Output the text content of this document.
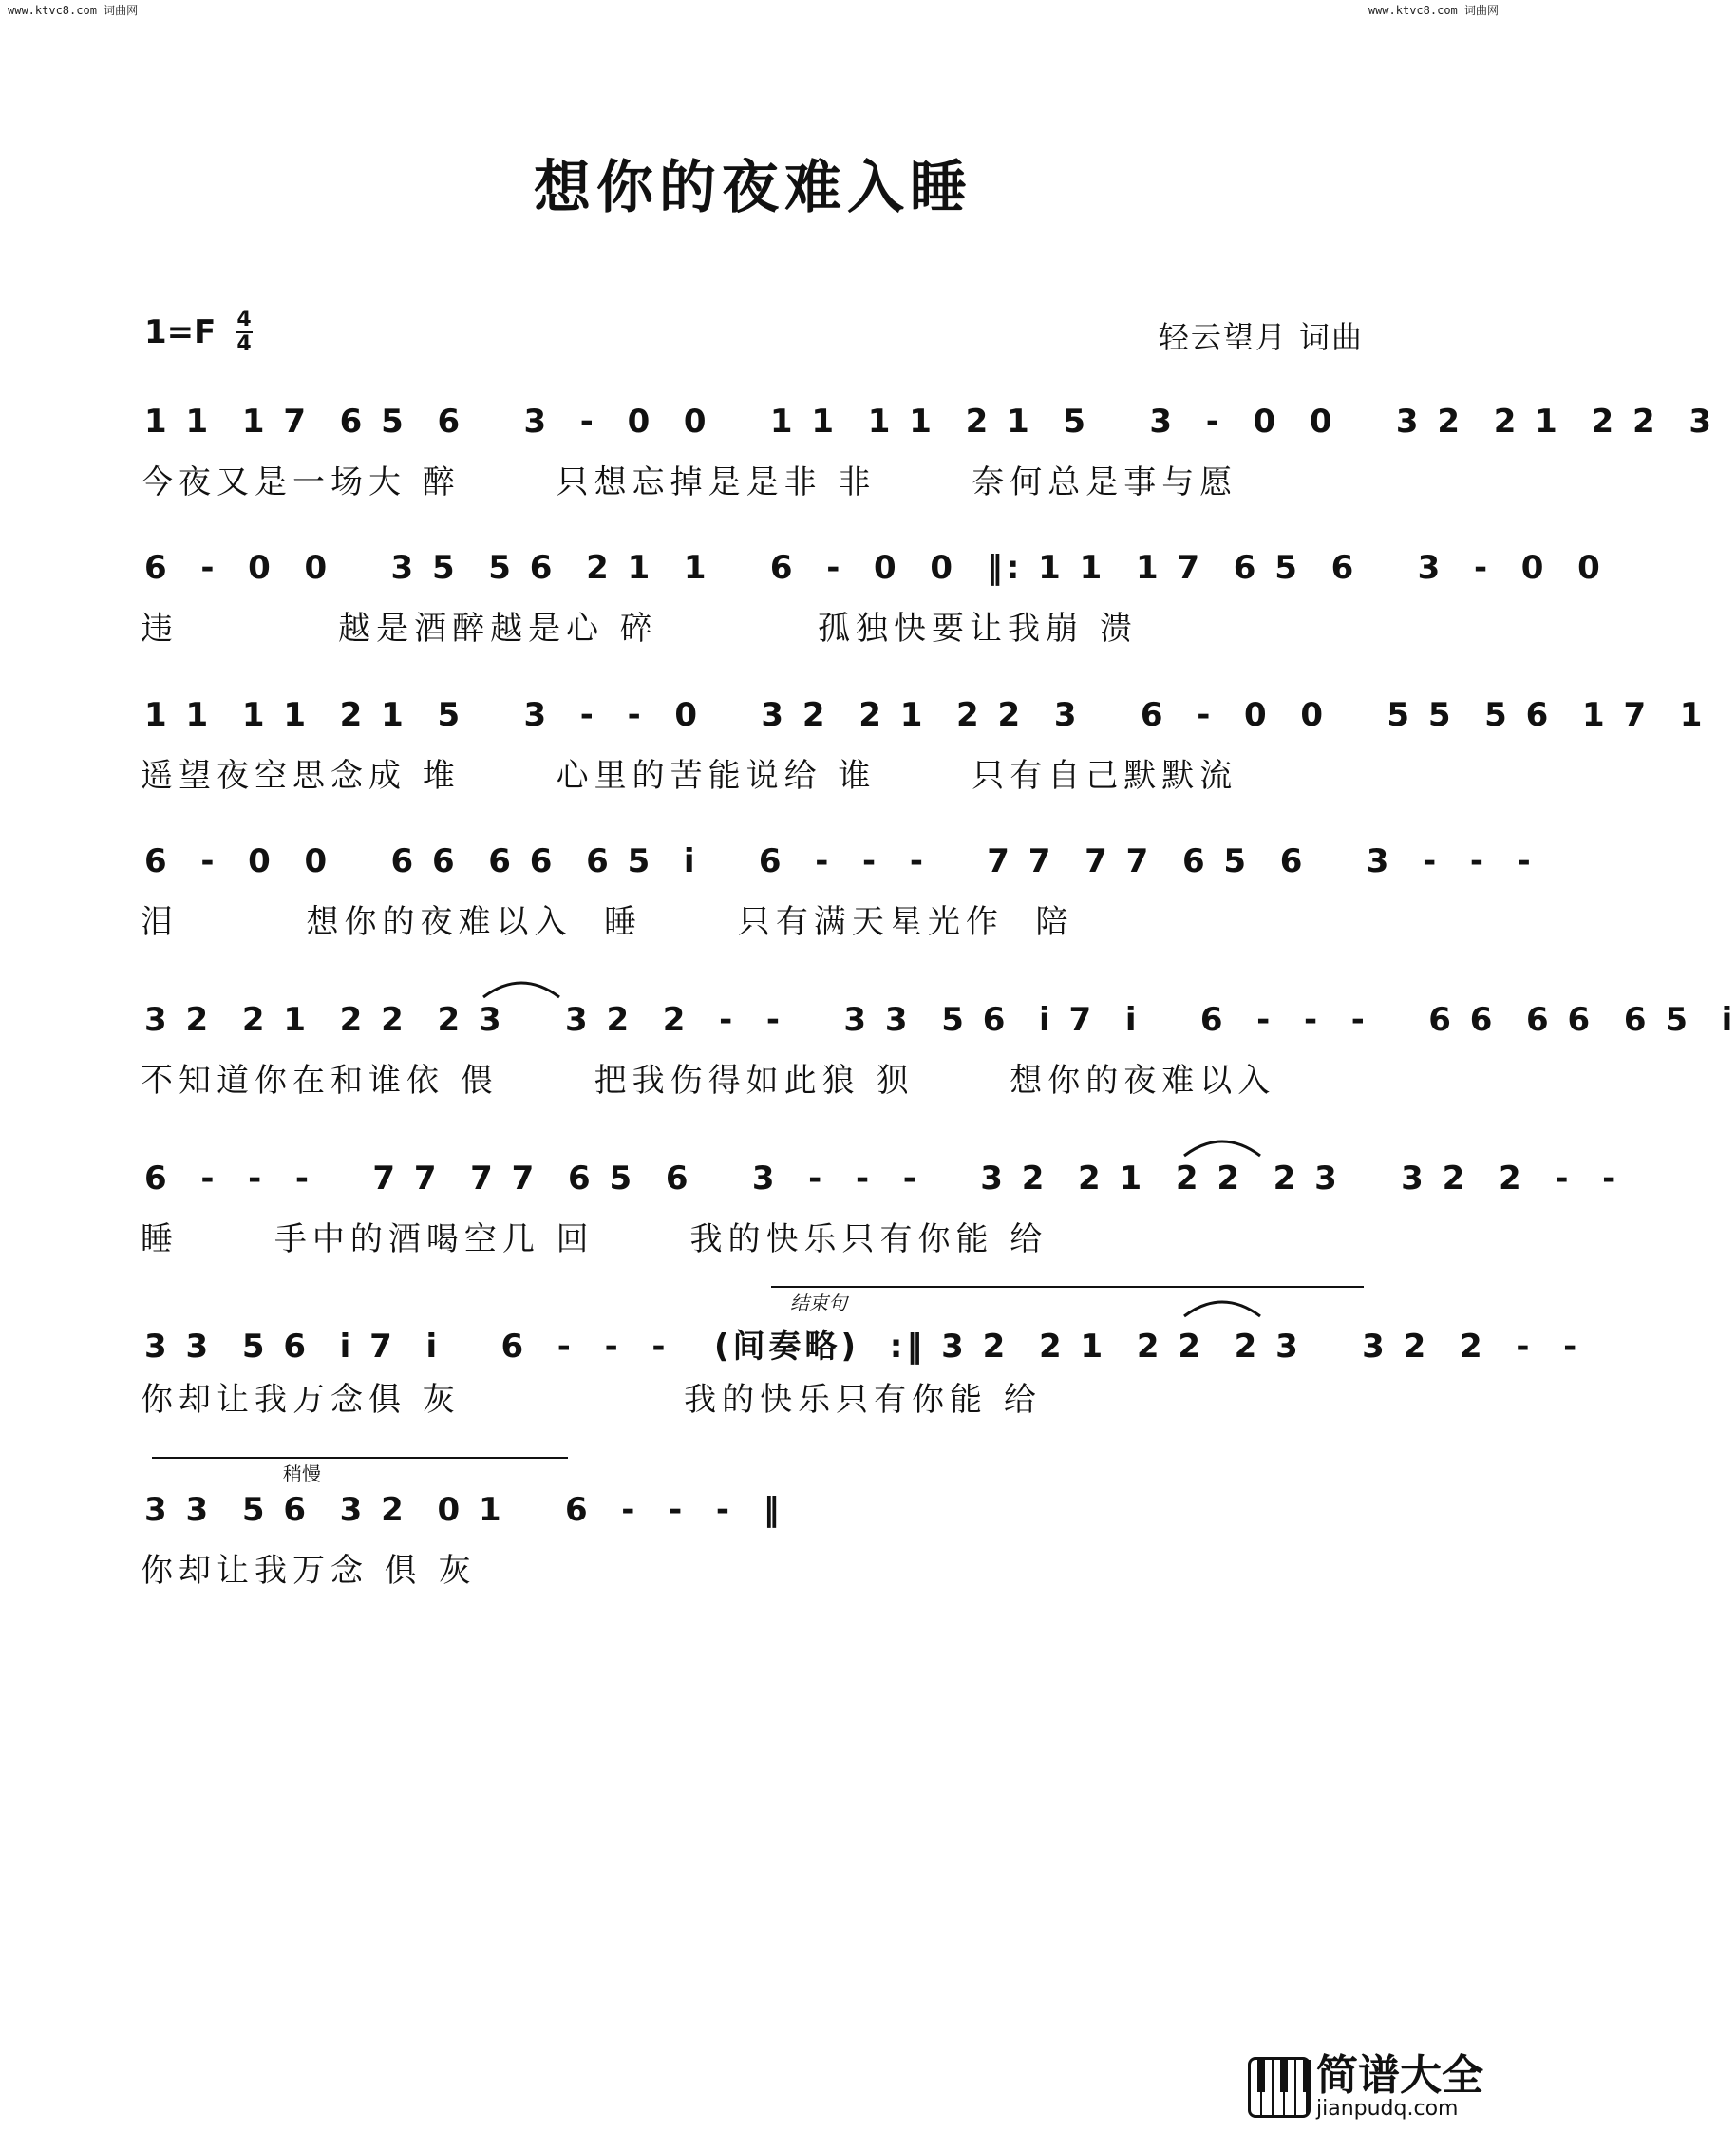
www.ktvc8.com 词曲网	www.ktvc8.com 词曲网
想你的夜难入睡
1=F 4
4	轻云望月 词曲
1 1  1 7  6 5  6    3  -  0  0    1 1  1 1  2 1  5    3  -  0  0    3 2  2 1  2 2  3
今夜又是一场大 醉      只想忘掉是是非 非      奈何总是事与愿
6  -  0  0    3 5  5 6  2 1  1    6  -  0  0  ‖: 1 1  1 7  6 5  6    3  -  0  0
违          越是酒醉越是心 碎          孤独快要让我崩 溃
1 1  1 1  2 1  5    3  -  -  0    3 2  2 1  2 2  3    6  -  0  0    5 5  5 6  1 7  1
遥望夜空思念成 堆      心里的苦能说给 谁      只有自己默默流
6  -  0  0    6 6  6 6  6 5  i    6  -  -  -    7 7  7 7  6 5  6    3  -  -  -
泪        想你的夜难以入  睡      只有满天星光作  陪
3 2  2 1  2 2  2 3    3 2  2  -  -    3 3  5 6  i 7  i    6  -  -  -    6 6  6 6  6 5  i
不知道你在和谁依 偎      把我伤得如此狼 狈      想你的夜难以入
6  -  -  -    7 7  7 7  6 5  6    3  -  -  -    3 2  2 1  2 2  2 3    3 2  2  -  -
睡      手中的酒喝空几 回      我的快乐只有你能 给
结束句
3 3  5 6  i 7  i    6  -  -  -   (间奏略)  :‖ 3 2  2 1  2 2  2 3    3 2  2  -  -
你却让我万念俱 灰              我的快乐只有你能 给
稍慢
3 3  5 6  3 2  0 1    6  -  -  -  ‖
你却让我万念 俱 灰
简谱大全
jianpudq.com
